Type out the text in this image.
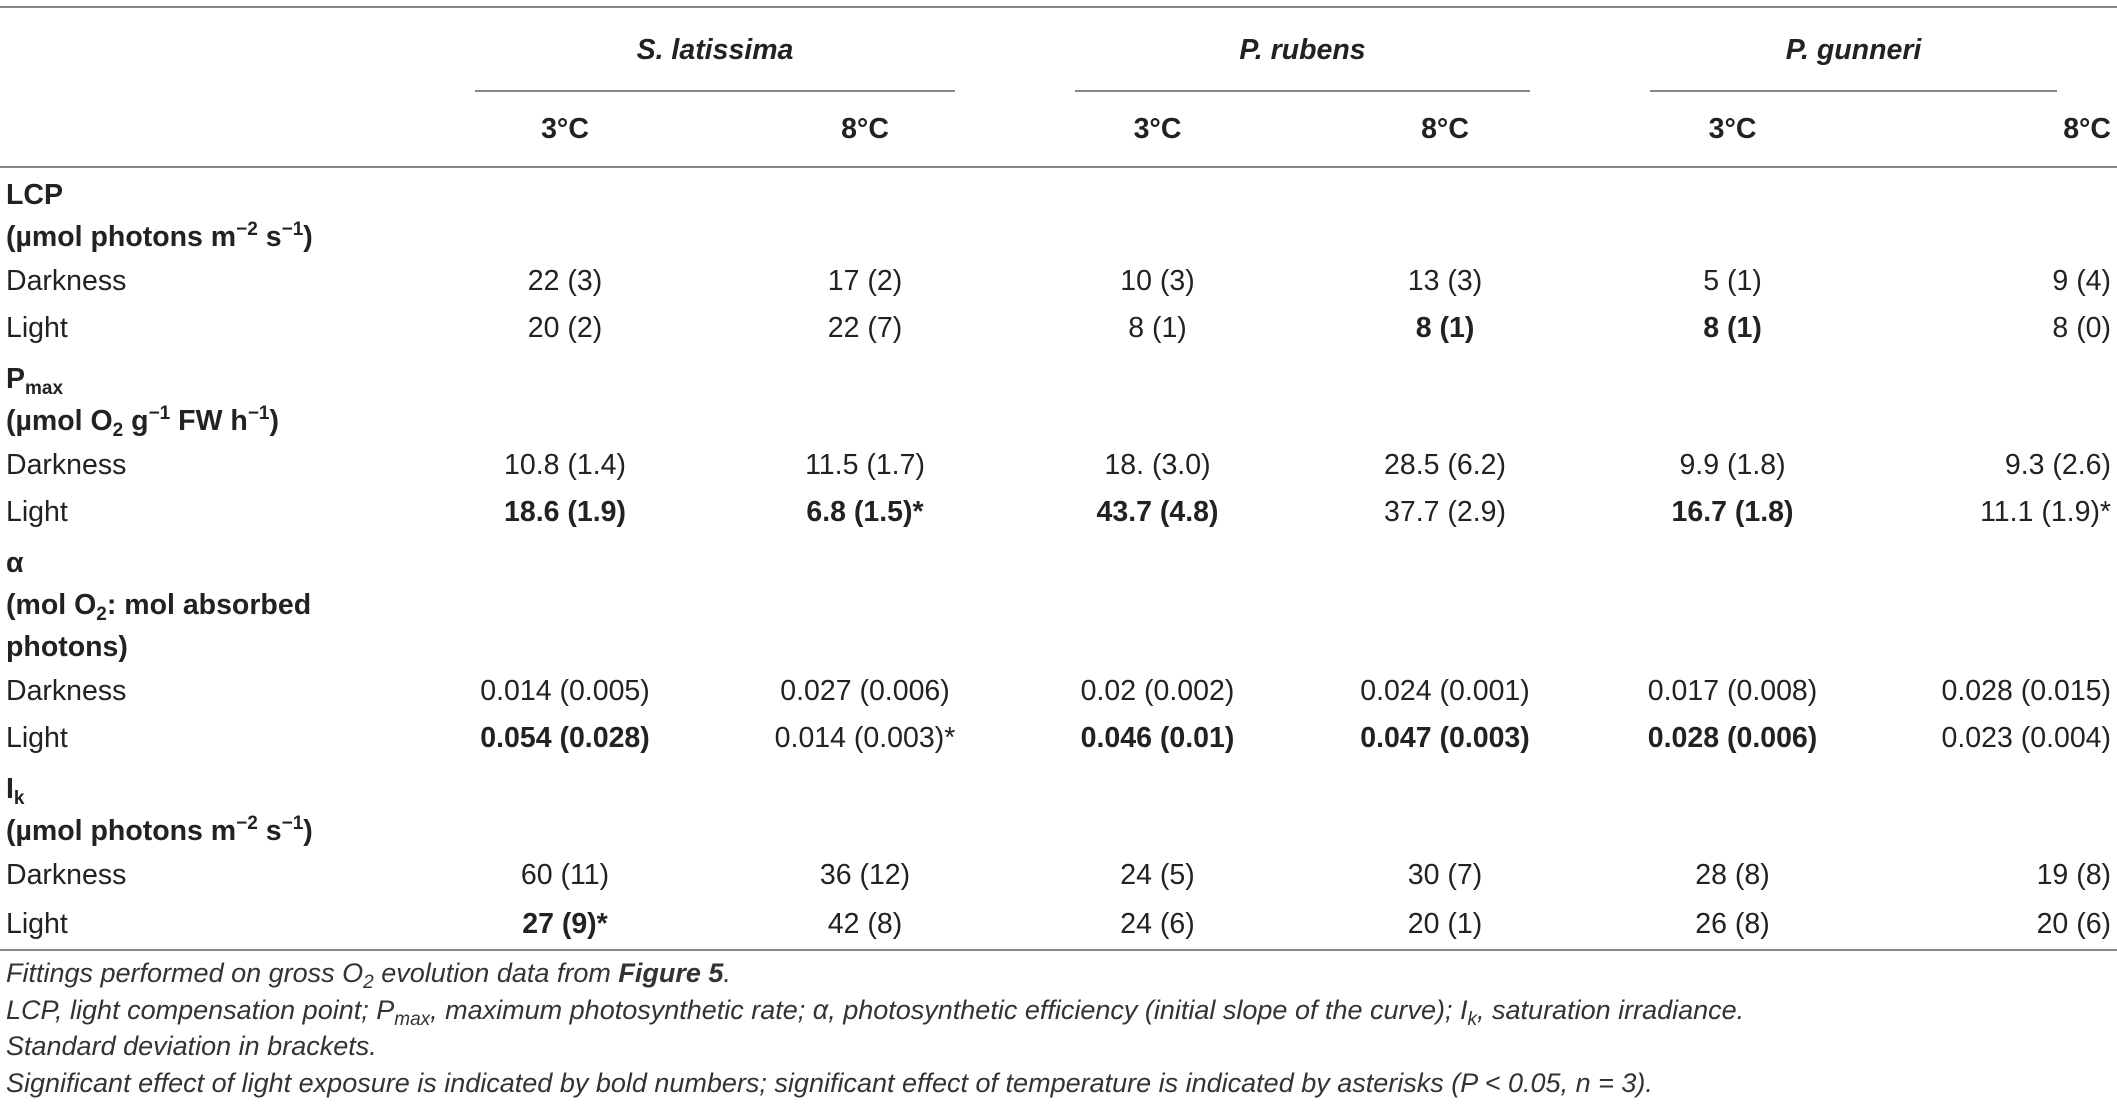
	S. latissima		P. rubens		P. gunneri	

	3°C	8°C	3°C	8°C	3°C	8°C

LCP
(µmol photons $m^{-2}$ $s^{-1}$)						

Darkness	22 (3)	17 (2)	10 (3)	13 (3)	5 (1)	9 (4)
Light	20 (2)	22 (7)	8 (1)	8 (1)	8 (1)	8 (0)

$P_{max}$
(µmol $O_2$ $g^{-1}$ FW $h^{-1}$)						

Darkness	10.8 (1.4)	11.5 (1.7)	18. (3.0)	28.5 (6.2)	9.9 (1.8)	9.3 (2.6)
Light	18.6 (1.9)	6.8 (1.5)*	43.7 (4.8)	37.7 (2.9)	16.7 (1.8)	11.1 (1.9)*

α
(mol $O_2$: mol absorbed
photons)						

Darkness	0.014 (0.005)	0.027 (0.006)	0.02 (0.002)	0.024 (0.001)	0.017 (0.008)	0.028 (0.015)
Light	0.054 (0.028)	0.014 (0.003)*	0.046 (0.01)	0.047 (0.003)	0.028 (0.006)	0.023 (0.004)

$I_k$
(µmol photons $m^{-2}$ $s^{-1}$)						

Darkness	60 (11)	36 (12)	24 (5)	30 (7)	28 (8)	19 (8)
Light	27 (9)*	42 (8)	24 (6)	20 (1)	26 (8)	20 (6)
Fittings performed on gross $O_2$ evolution data from Figure 5.
LCP, light compensation point; $P_{max}$, maximum photosynthetic rate; α, photosynthetic efficiency (initial slope of the curve); $I_k$, saturation irradiance.
Standard deviation in brackets.
Significant effect of light exposure is indicated by bold numbers; significant effect of temperature is indicated by asterisks (P < 0.05, n = 3).
